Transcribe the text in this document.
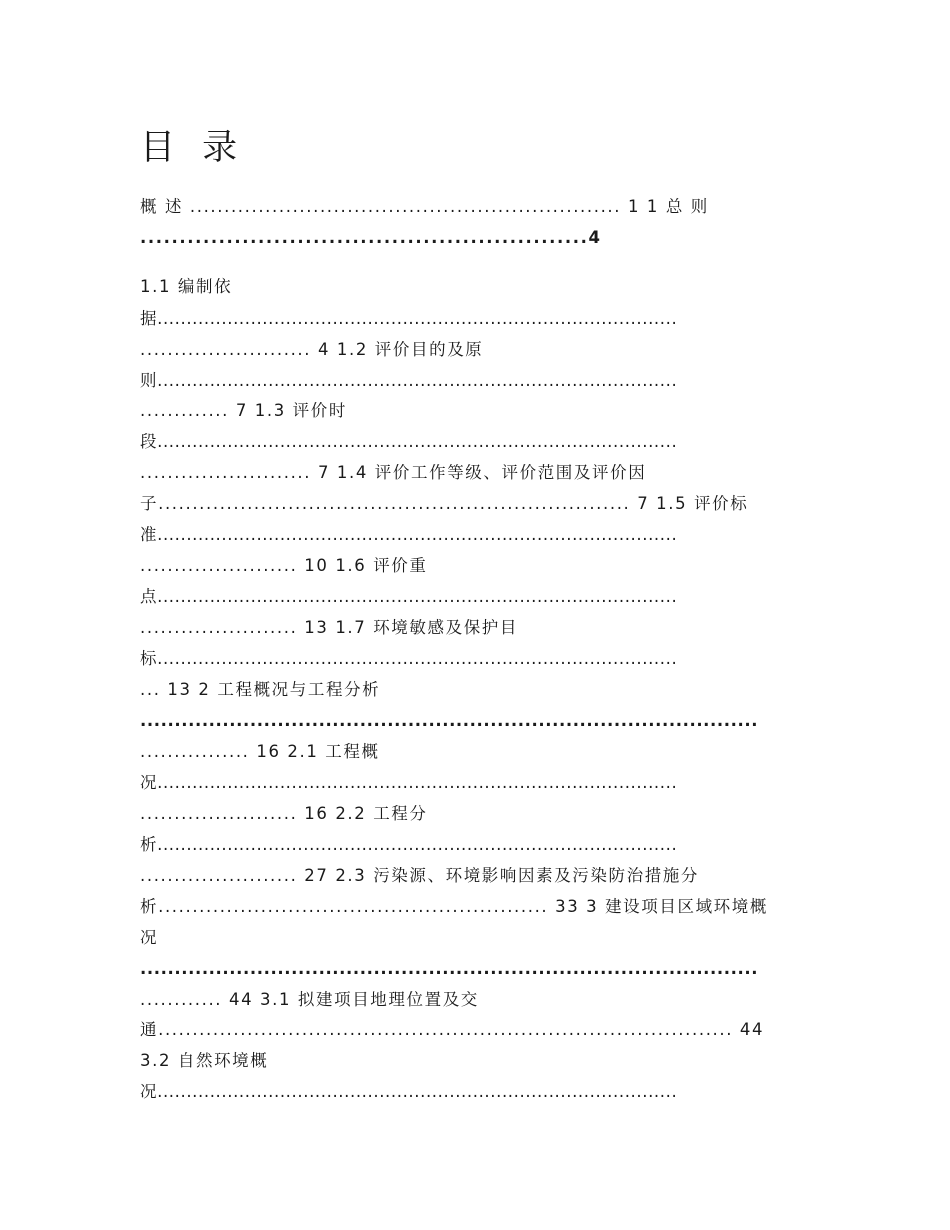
目 录
概 述 ............................................................... 1 1 总 则
.........................................................4
1.1 编制依
据.........................................................................................
......................... 4 1.2 评价目的及原
则.........................................................................................
............. 7 1.3 评价时
段.........................................................................................
......................... 7 1.4 评价工作等级、评价范围及评价因
子..................................................................... 7 1.5 评价标
准.........................................................................................
....................... 10 1.6 评价重
点.........................................................................................
....................... 13 1.7 环境敏感及保护目
标.........................................................................................
... 13 2 工程概况与工程分析
..........................................................................................
................ 16 2.1 工程概
况.........................................................................................
....................... 16 2.2 工程分
析.........................................................................................
....................... 27 2.3 污染源、环境影响因素及污染防治措施分
析......................................................... 33 3 建设项目区域环境概
况
..........................................................................................
............ 44 3.1 拟建项目地理位置及交
通.................................................................................... 44
3.2 自然环境概
况.........................................................................................
